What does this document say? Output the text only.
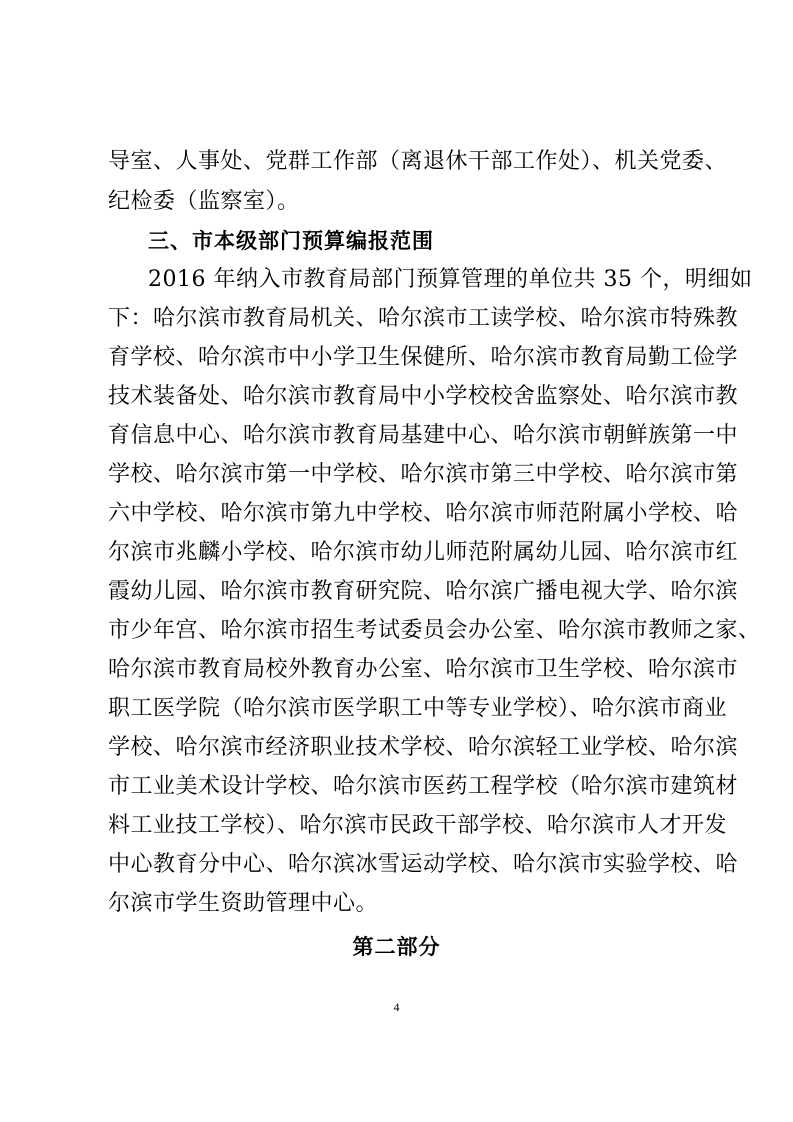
导室、人事处、党群工作部（离退休干部工作处）、机关党委、
纪检委（监察室）。
三、市本级部门预算编报范围
2016 年纳入市教育局部门预算管理的单位共 35 个，明细如
下：哈尔滨市教育局机关、哈尔滨市工读学校、哈尔滨市特殊教
育学校、哈尔滨市中小学卫生保健所、哈尔滨市教育局勤工俭学
技术装备处、哈尔滨市教育局中小学校校舍监察处、哈尔滨市教
育信息中心、哈尔滨市教育局基建中心、哈尔滨市朝鲜族第一中
学校、哈尔滨市第一中学校、哈尔滨市第三中学校、哈尔滨市第
六中学校、哈尔滨市第九中学校、哈尔滨市师范附属小学校、哈
尔滨市兆麟小学校、哈尔滨市幼儿师范附属幼儿园、哈尔滨市红
霞幼儿园、哈尔滨市教育研究院、哈尔滨广播电视大学、哈尔滨
市少年宫、哈尔滨市招生考试委员会办公室、哈尔滨市教师之家、
哈尔滨市教育局校外教育办公室、哈尔滨市卫生学校、哈尔滨市
职工医学院（哈尔滨市医学职工中等专业学校）、哈尔滨市商业
学校、哈尔滨市经济职业技术学校、哈尔滨轻工业学校、哈尔滨
市工业美术设计学校、哈尔滨市医药工程学校（哈尔滨市建筑材
料工业技工学校）、哈尔滨市民政干部学校、哈尔滨市人才开发
中心教育分中心、哈尔滨冰雪运动学校、哈尔滨市实验学校、哈
尔滨市学生资助管理中心。
第二部分
4
